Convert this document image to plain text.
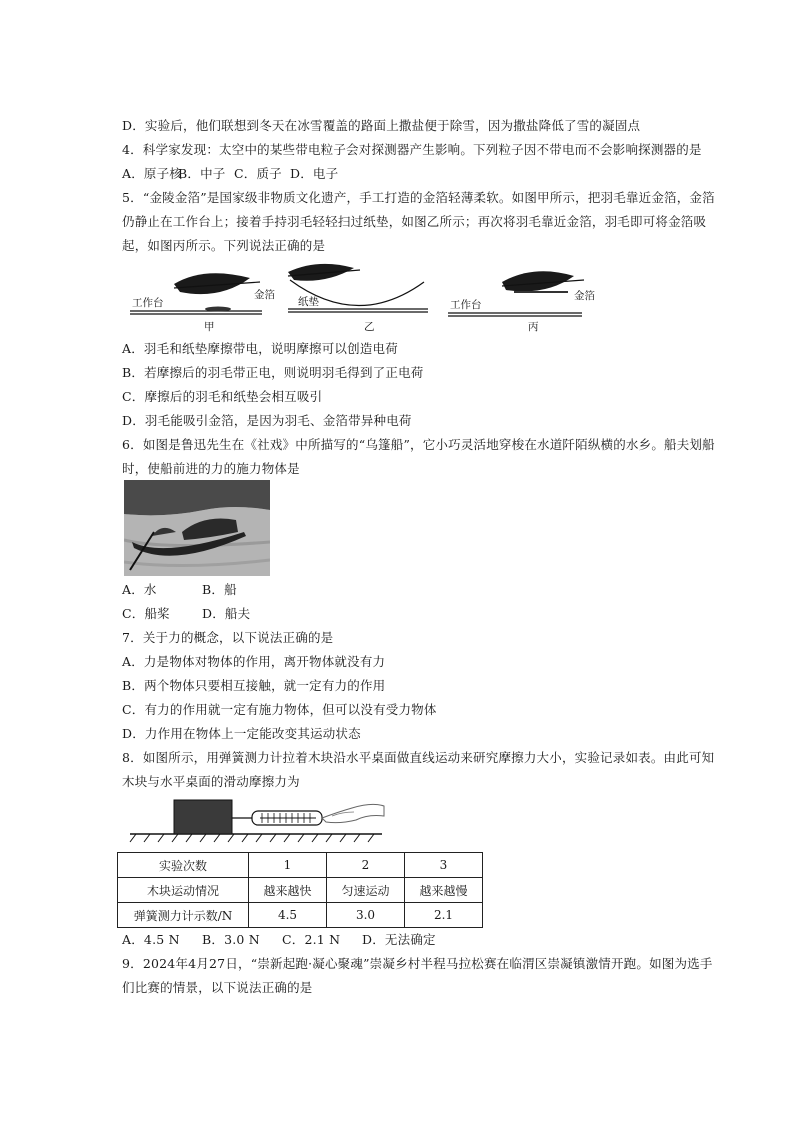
D．实验后，他们联想到冬天在冰雪覆盖的路面上撒盐便于除雪，因为撒盐降低了雪的凝固点
4．科学家发现：太空中的某些带电粒子会对探测器产生影响。下列粒子因不带电而不会影响探测器的是
A．原子核B．中子 C．质子 D．电子
5．“金陵金箔”是国家级非物质文化遗产，手工打造的金箔轻薄柔软。如图甲所示，把羽毛靠近金箔，金箔
仍静止在工作台上；接着手持羽毛轻轻扫过纸垫，如图乙所示；再次将羽毛靠近金箔，羽毛即可将金箔吸
起，如图丙所示。下列说法正确的是
工作台
金箔
甲
纸垫
乙
工作台
金箔
丙
A．羽毛和纸垫摩擦带电，说明摩擦可以创造电荷
B．若摩擦后的羽毛带正电，则说明羽毛得到了正电荷
C．摩擦后的羽毛和纸垫会相互吸引
D．羽毛能吸引金箔，是因为羽毛、金箔带异种电荷
6．如图是鲁迅先生在《社戏》中所描写的“乌篷船”，它小巧灵活地穿梭在水道阡陌纵横的水乡。船夫划船
时，使船前进的力的施力物体是
A．水	B．船
C．船桨	D．船夫
7．关于力的概念，以下说法正确的是
A．力是物体对物体的作用，离开物体就没有力
B．两个物体只要相互接触，就一定有力的作用
C．有力的作用就一定有施力物体，但可以没有受力物体
D．力作用在物体上一定能改变其运动状态
8．如图所示，用弹簧测力计拉着木块沿水平桌面做直线运动来研究摩擦力大小，实验记录如表。由此可知
木块与水平桌面的滑动摩擦力为
实验次数	1	2	3
木块运动情况	越来越快	匀速运动	越来越慢
弹簧测力计示数/N	4.5	3.0	2.1
A．4.5 N B．3.0 N C．2.1 N D．无法确定
9．2024年4月27日，“崇新起跑·凝心聚魂”崇凝乡村半程马拉松赛在临渭区崇凝镇激情开跑。如图为选手
们比赛的情景，以下说法正确的是
